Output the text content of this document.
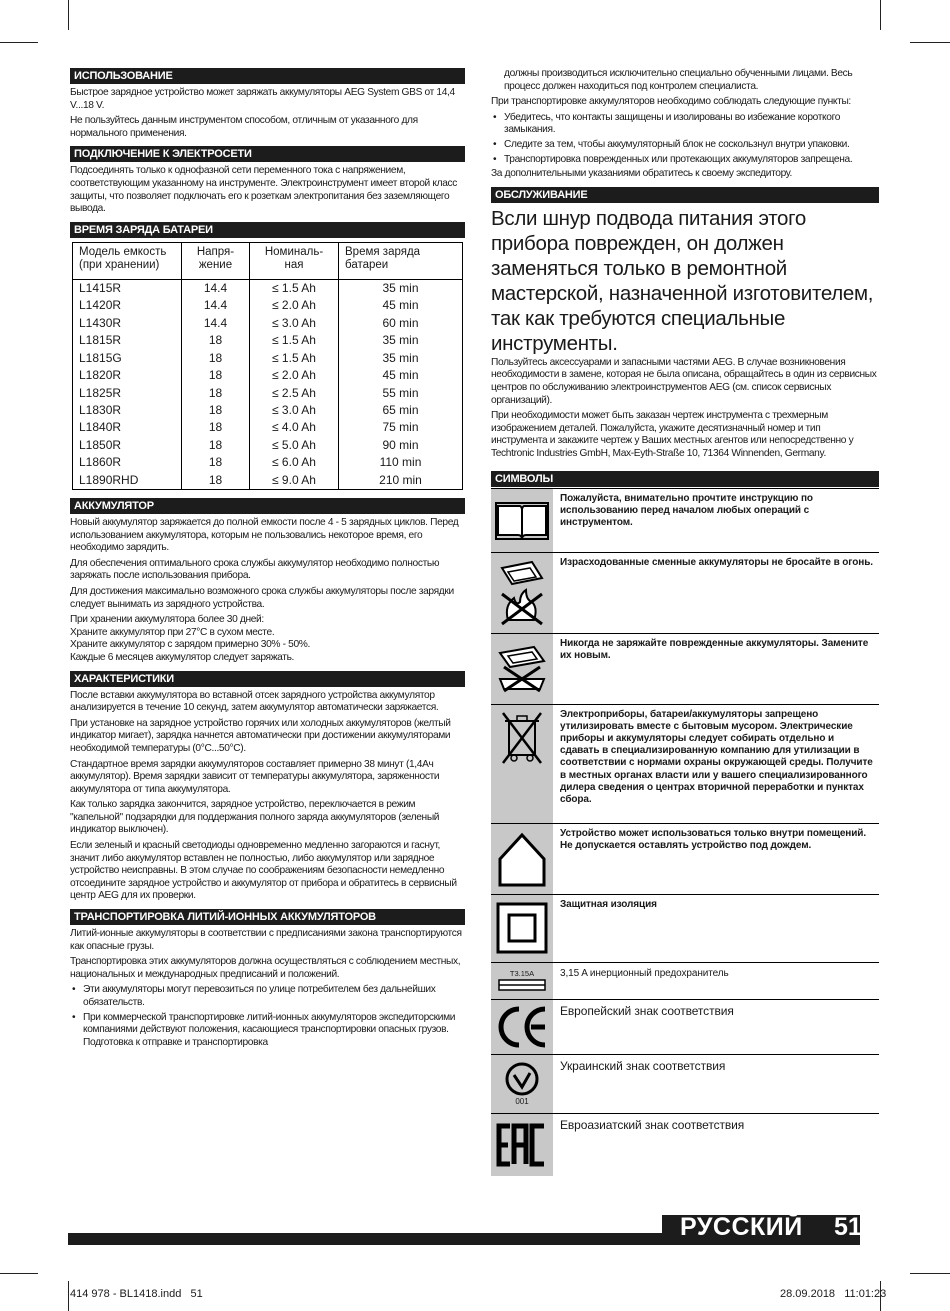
ИСПОЛЬЗОВАНИЕ

Быстрое зарядное устройство может заряжать аккумуляторы AEG System GBS от 14,4 V...18 V.

Не пользуйтесь данным инструментом способом, отличным от указанного для нормального применения.

ПОДКЛЮЧЕНИЕ К ЭЛЕКТРОСЕТИ

Подсоединять только к однофазной сети переменного тока с напряжением, соответствующим указанному на инструменте. Электроинструмент имеет второй класс защиты, что позволяет подключать его к розеткам электропитания без заземляющего вывода.

ВРЕМЯ ЗАРЯДА БАТАРЕИ
Модель емкость (при хранении)	Напря-жение	Номиналь-ная	Время заряда батареи
L1415R	14.4	≤ 1.5 Ah	35 min
L1420R	14.4	≤ 2.0 Ah	45 min
L1430R	14.4	≤ 3.0 Ah	60 min
L1815R	18	≤ 1.5 Ah	35 min
L1815G	18	≤ 1.5 Ah	35 min
L1820R	18	≤ 2.0 Ah	45 min
L1825R	18	≤ 2.5 Ah	55 min
L1830R	18	≤ 3.0 Ah	65 min
L1840R	18	≤ 4.0 Ah	75 min
L1850R	18	≤ 5.0 Ah	90 min
L1860R	18	≤ 6.0 Ah	110 min
L1890RHD	18	≤ 9.0 Ah	210 min
АККУМУЛЯТОР

Новый аккумулятор заряжается до полной емкости после 4 - 5 зарядных циклов. Перед использованием аккумулятора, которым не пользовались некоторое время, его необходимо зарядить.

Для обеспечения оптимального срока службы аккумулятор необходимо полностью заряжать после использования прибора.

Для достижения максимально возможного срока службы аккумуляторы после зарядки следует вынимать из зарядного устройства.

При хранении аккумулятора более 30 дней:

Храните аккумулятор при 27°C в сухом месте.

Храните аккумулятор с зарядом примерно 30% - 50%.

Каждые 6 месяцев аккумулятор следует заряжать.

ХАРАКТЕРИСТИКИ

После вставки аккумулятора во вставной отсек зарядного устройства аккумулятор анализируется в течение 10 секунд, затем аккумулятор автоматически заряжается.

При установке на зарядное устройство горячих или холодных аккумуляторов (желтый индикатор мигает), зарядка начнется автоматически при достижении аккумуляторами необходимой температуры (0°C...50°C).

Стандартное время зарядки аккумуляторов составляет примерно 38 минут (1,4Ач аккумулятор). Время зарядки зависит от температуры аккумулятора, заряженности аккумулятора от типа аккумулятора.

Как только зарядка закончится, зарядное устройство, переключается в режим "капельной" подзарядки для поддержания полного заряда аккумуляторов (зеленый индикатор выключен).

Если зеленый и красный светодиоды одновременно медленно загораются и гаснут, значит либо аккумулятор вставлен не полностью, либо аккумулятор или зарядное устройство неисправны. В этом случае по соображениям безопасности немедленно отсоедините зарядное устройство и аккумулятор от прибора и обратитесь в сервисный центр AEG для их проверки.

ТРАНСПОРТИРОВКА ЛИТИЙ-ИОННЫХ АККУМУЛЯТОРОВ

Литий-ионные аккумуляторы в соответствии с предписаниями закона транспортируются как опасные грузы.

Транспортировка этих аккумуляторов должна осуществляться с соблюдением местных, национальных и международных предписаний и положений.

• Эти аккумуляторы могут перевозиться по улице потребителем без дальнейших обязательств.
• При коммерческой транспортировке литий-ионных аккумуляторов экспедиторскими компаниями действуют положения, касающиеся транспортировки опасных грузов. Подготовка к отправке и транспортировка

должны производиться исключительно специально обученными лицами. Весь процесс должен находиться под контролем специалиста.

При транспортировке аккумуляторов необходимо соблюдать следующие пункты:

• Убедитесь, что контакты защищены и изолированы во избежание короткого замыкания.
• Следите за тем, чтобы аккумуляторный блок не соскользнул внутри упаковки.
• Транспортировка поврежденных или протекающих аккумуляторов запрещена.

За дополнительными указаниями обратитесь к своему экспедитору.

ОБСЛУЖИВАНИЕ
Всли шнур подвода питания этого прибора поврежден, он должен заменяться только в ремонтной мастерской, назначенной изготовителем, так как требуются специальные инструменты.

Пользуйтесь аксессуарами и запасными частями AEG. В случае возникновения необходимости в замене, которая не была описана, обращайтесь в один из сервисных центров по обслуживанию электроинструментов AEG (см. список сервисных организаций).

При необходимости может быть заказан чертеж инструмента с трехмерным изображением деталей. Пожалуйста, укажите десятизначный номер и тип инструмента и закажите чертеж у Ваших местных агентов или непосредственно у Techtronic Industries GmbH, Max-Eyth-Straße 10, 71364 Winnenden, Germany.

СИМВОЛЫ
Пожалуйста, внимательно прочтите инструкцию по использованию перед началом любых операций с инструментом.
Израсходованные сменные аккумуляторы не бросайте в огонь.
Никогда не заряжайте поврежденные аккумуляторы. Замените их новым.
Электроприборы, батареи/аккумуляторы запрещено утилизировать вместе с бытовым мусором. Электрические приборы и аккумуляторы следует собирать отдельно и сдавать в специализированную компанию для утилизации в соответствии с нормами охраны окружающей среды. Получите в местных органах власти или у вашего специализированного дилера сведения о центрах вторичной переработки и пунктах сбора.
Устройство может использоваться только внутри помещений. Не допускается оставлять устройство под дождем.
Защитная изоляция
T3.15A	3,15 A инерционный предохранитель
Европейский знак соответствия
001
Украинский знак соответствия
Евроазиатский знак соответствия
РУССКИЙ 51
414 978 - BL1418.indd   51	28.09.2018   11:01:23
